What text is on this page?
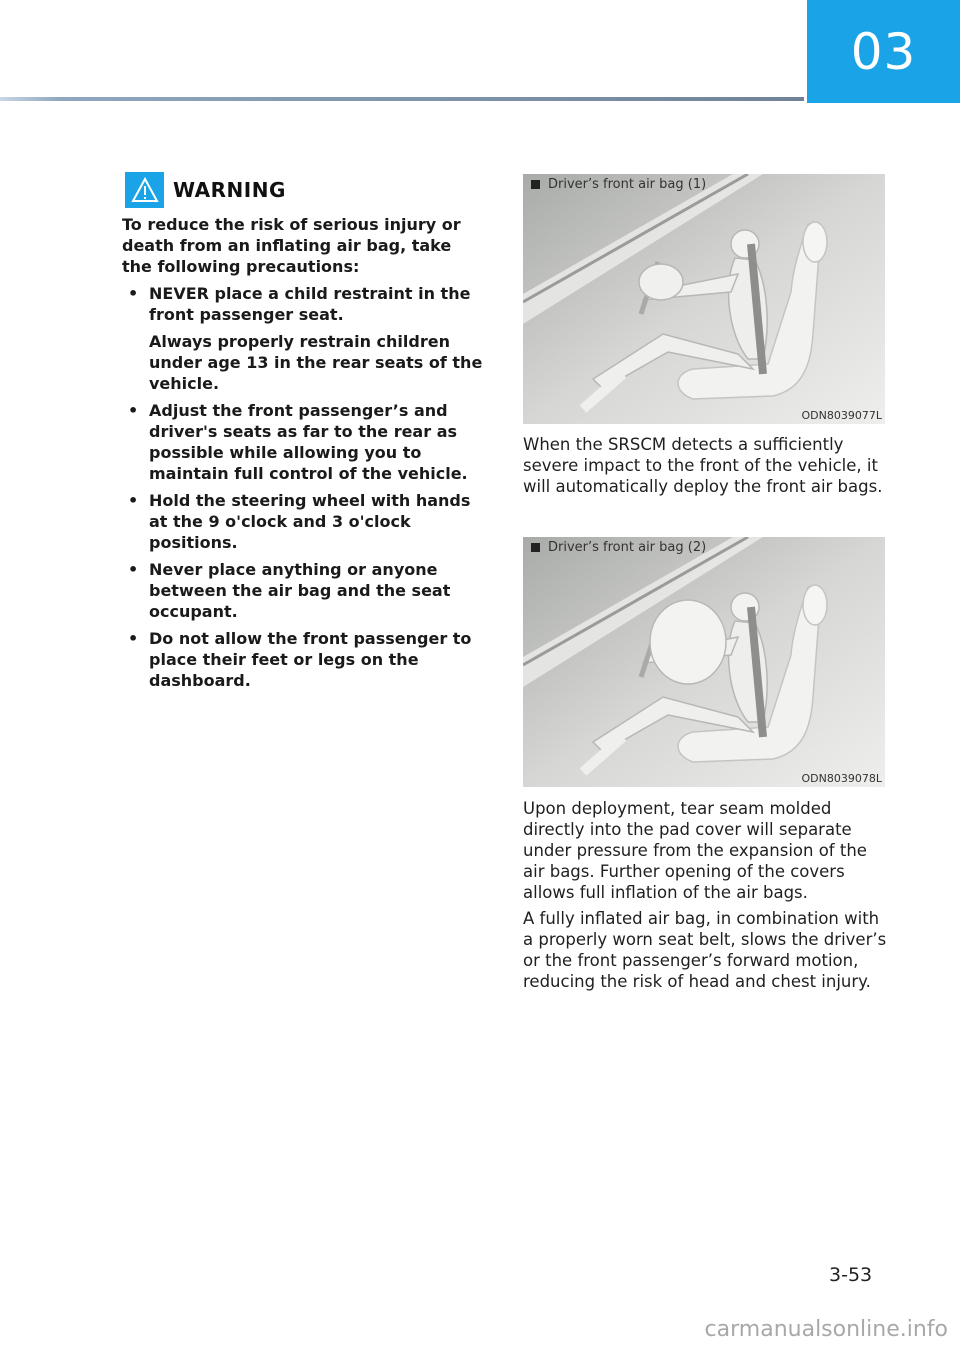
03
WARNING

To reduce the risk of serious injury or death from an inflating air bag, take the following precautions:

• NEVER place a child restraint in the front passenger seat.
Always properly restrain children under age 13 in the rear seats of the vehicle.
• Adjust the front passenger’s and driver's seats as far to the rear as possible while allowing you to maintain full control of the vehicle.
• Hold the steering wheel with hands at the 9 o'clock and 3 o'clock positions.
• Never place anything or anyone between the air bag and the seat occupant.
• Do not allow the front passenger to place their feet or legs on the dashboard.
Driver’s front air bag (1)
ODN8039077L

When the SRSCM detects a sufficiently severe impact to the front of the vehicle, it will automatically deploy the front air bags.

Driver’s front air bag (2)
ODN8039078L

Upon deployment, tear seam molded directly into the pad cover will separate under pressure from the expansion of the air bags. Further opening of the covers allows full inflation of the air bags.

A fully inflated air bag, in combination with a properly worn seat belt, slows the driver’s or the front passenger’s forward motion, reducing the risk of head and chest injury.

3-53
carmanualsonline.info
